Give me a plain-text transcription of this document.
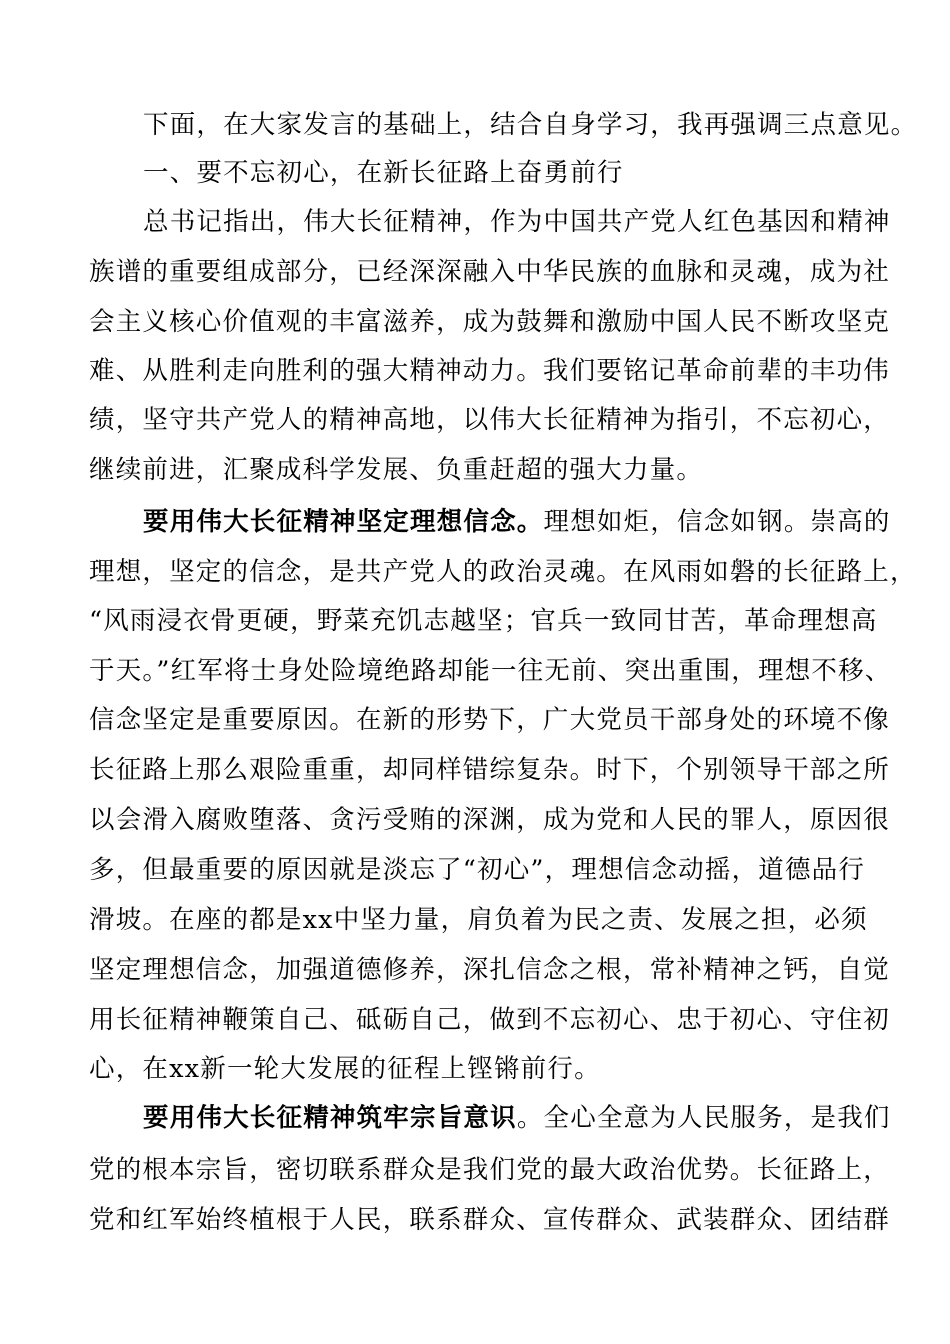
下面，在大家发言的基础上，结合自身学习，我再强调三点意见。
一、要不忘初心，在新长征路上奋勇前行
总书记指出，伟大长征精神，作为中国共产党人红色基因和精神
族谱的重要组成部分，已经深深融入中华民族的血脉和灵魂，成为社
会主义核心价值观的丰富滋养，成为鼓舞和激励中国人民不断攻坚克
难、从胜利走向胜利的强大精神动力。我们要铭记革命前辈的丰功伟
绩，坚守共产党人的精神高地，以伟大长征精神为指引，不忘初心，
继续前进，汇聚成科学发展、负重赶超的强大力量。
要用伟大长征精神坚定理想信念。理想如炬，信念如钢。崇高的
理想，坚定的信念，是共产党人的政治灵魂。在风雨如磐的长征路上，
“风雨浸衣骨更硬，野菜充饥志越坚；官兵一致同甘苦，革命理想高
于天。”红军将士身处险境绝路却能一往无前、突出重围，理想不移、
信念坚定是重要原因。在新的形势下，广大党员干部身处的环境不像
长征路上那么艰险重重，却同样错综复杂。时下，个别领导干部之所
以会滑入腐败堕落、贪污受贿的深渊，成为党和人民的罪人，原因很
多，但最重要的原因就是淡忘了“初心”，理想信念动摇，道德品行
滑坡。在座的都是xx中坚力量，肩负着为民之责、发展之担，必须
坚定理想信念，加强道德修养，深扎信念之根，常补精神之钙，自觉
用长征精神鞭策自己、砥砺自己，做到不忘初心、忠于初心、守住初
心，在xx新一轮大发展的征程上铿锵前行。
要用伟大长征精神筑牢宗旨意识。全心全意为人民服务，是我们
党的根本宗旨，密切联系群众是我们党的最大政治优势。长征路上，
党和红军始终植根于人民，联系群众、宣传群众、武装群众、团结群
